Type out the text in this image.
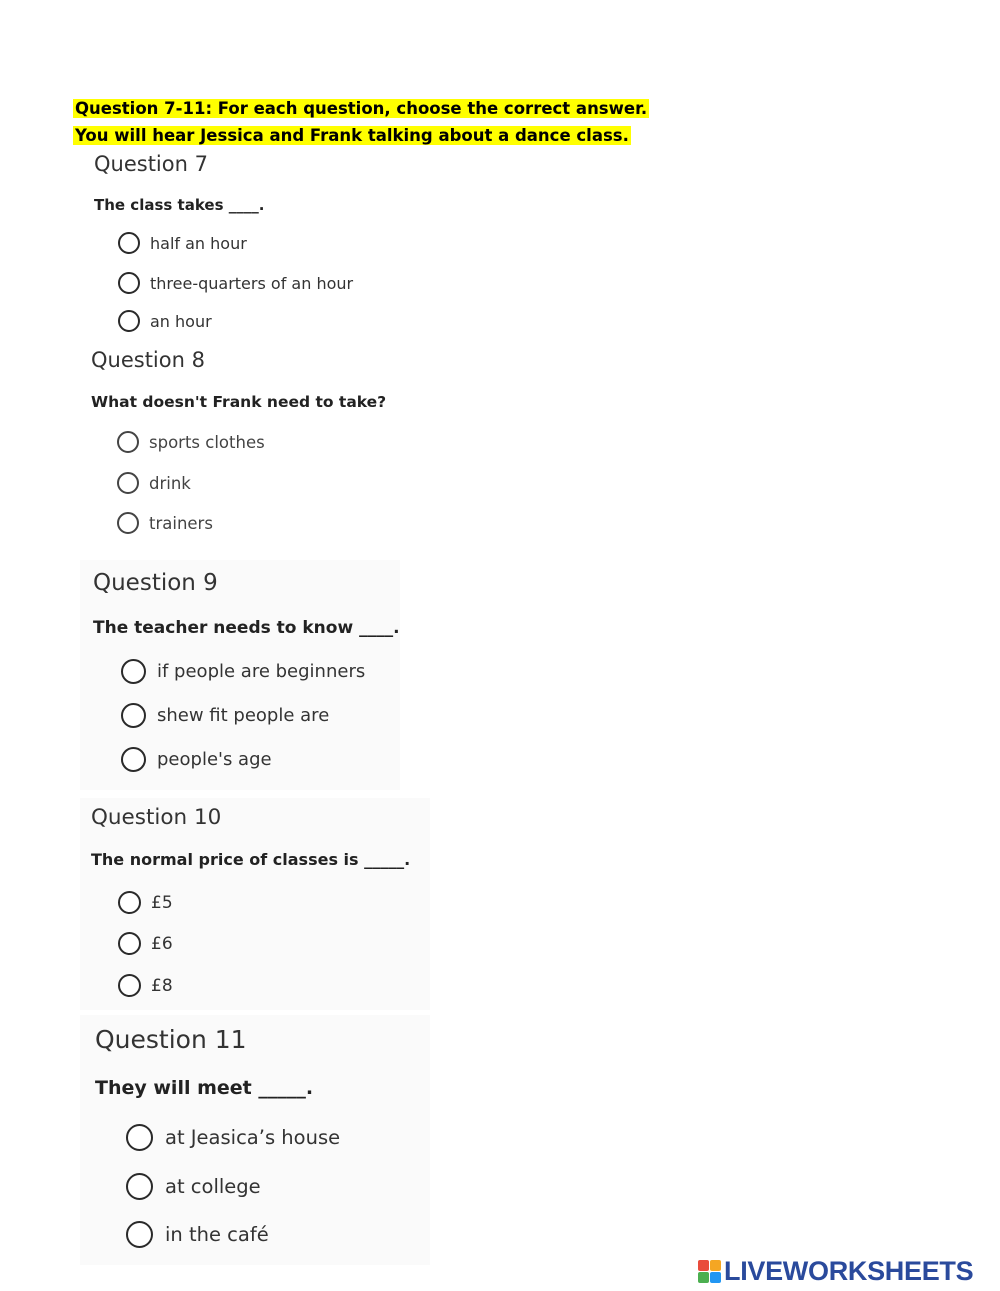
Question 7-11: For each question, choose the correct answer.
You will hear Jessica and Frank talking about a dance class.
Question 7
The class takes ____.
half an hour
three-quarters of an hour
an hour
Question 8
What doesn't Frank need to take?
sports clothes
drink
trainers
Question 9
The teacher needs to know ____.
if people are beginners
shew fit people are
people's age
Question 10
The normal price of classes is _____.
£5
£6
£8
Question 11
They will meet _____.
at Jeasica’s house
at college
in the café
LIVEWORKSHEETS
